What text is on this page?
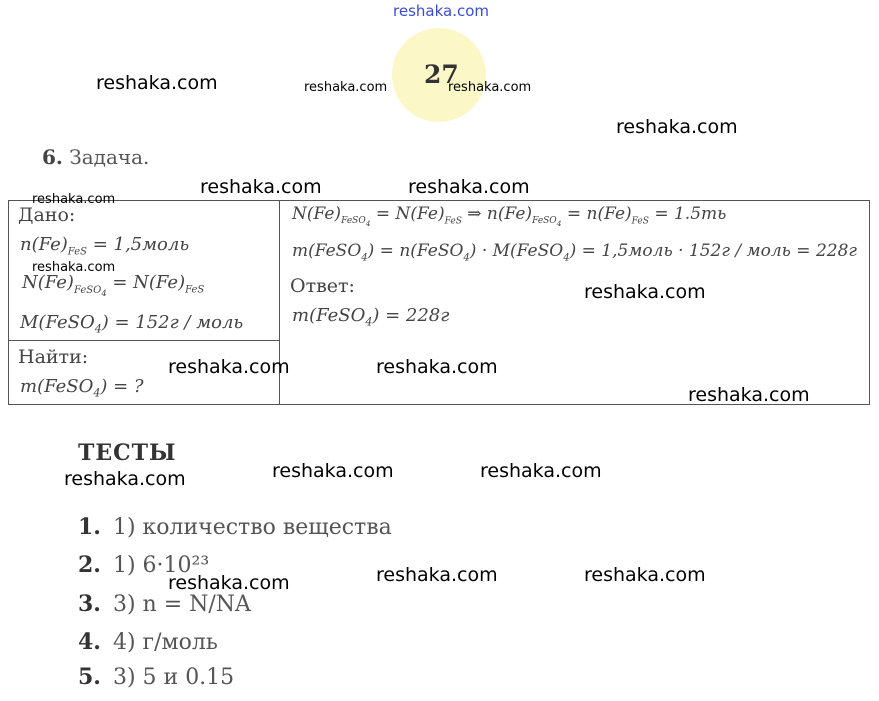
reshaka.com
27
reshaka.com	reshaka.com	reshaka.com
reshaka.com
reshaka.com	reshaka.com
6. Задача.
Дано:
$n(Fe)_{FeS}$ = 1,5моль
$N(Fe)_{FeSO_4} = N(Fe)_{FeS}$
M(FeSO$_4$) = 152г / моль
reshaka.com
reshaka.com
Найти:
m(FeSO$_4$) = ?
$N(Fe)_{FeSO_4} = N(Fe)_{FeS}$ ⇒ $n(Fe)_{FeSO_4} = n(Fe)_{FeS} = 1.5ть$
m(FeSO$_4$) = n(FeSO$_4$) · M(FeSO$_4$) = 1,5моль · 152г / моль = 228г
Ответ:
m(FeSO$_4$) = 228г
reshaka.com
reshaka.com	reshaka.com
reshaka.com
ТЕСТЫ
reshaka.com	reshaka.com	reshaka.com
1. 1) количество вещества
2. 1) 6·10²³
3. 3) n = N/NA
4. 4) г/моль
5. 3) 5 и 0.15
reshaka.com	reshaka.com	reshaka.com
